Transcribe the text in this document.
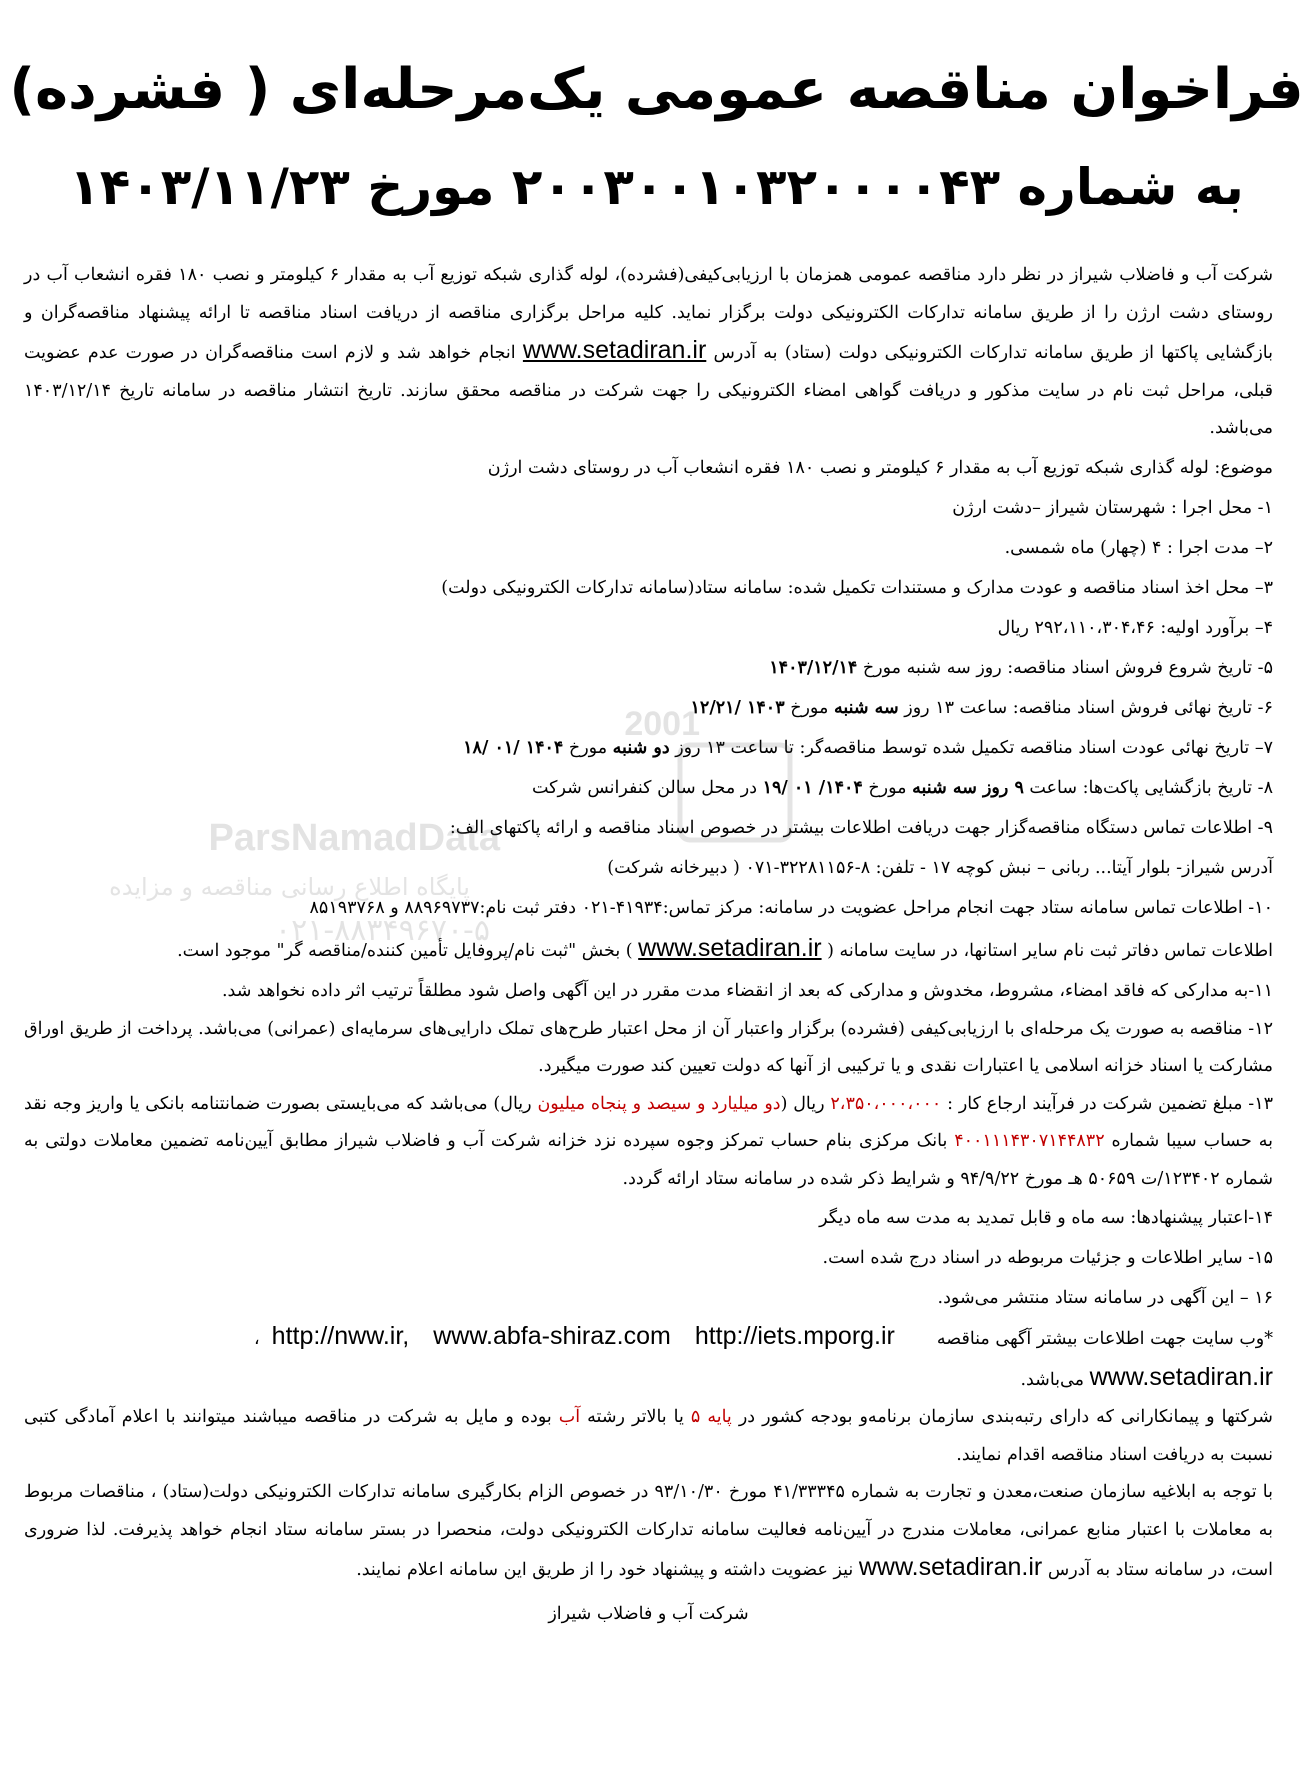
فراخوان مناقصه عمومی یک‌مرحله‌ای ( فشرده)
به شماره ۲۰۰۳۰۰۱۰۳۲۰۰۰۰۴۳ مورخ ۱۴۰۳/۱۱/۲۳

شرکت آب و فاضلاب شیراز در نظر دارد مناقصه عمومی همزمان با ارزیابی‌کیفی(فشرده)، لوله گذاری شبکه توزیع آب به مقدار ۶ کیلومتر و نصب ۱۸۰ فقره انشعاب آب در روستای دشت ارژن را از طریق سامانه تدارکات الکترونیکی دولت برگزار نماید. کلیه مراحل برگزاری مناقصه از دریافت اسناد مناقصه تا ارائه پیشنهاد مناقصه‌گران و بازگشایی پاکتها از طریق سامانه تدارکات الکترونیکی دولت (ستاد) به آدرس www.setadiran.ir انجام خواهد شد و لازم است مناقصه‌گران در صورت عدم عضویت قبلی، مراحل ثبت نام در سایت مذکور و دریافت گواهی امضاء الکترونیکی را جهت شرکت در مناقصه محقق سازند. تاریخ انتشار مناقصه در سامانه تاریخ ۱۴۰۳/۱۲/۱۴ می‌باشد.

موضوع: لوله گذاری شبکه توزیع آب به مقدار ۶ کیلومتر و نصب ۱۸۰ فقره انشعاب آب در روستای دشت ارژن

۱- محل اجرا : شهرستان شیراز –دشت ارژن

۲– مدت اجرا : ۴ (چهار) ماه شمسی.

۳– محل اخذ اسناد مناقصه و عودت مدارک و مستندات تکمیل شده: سامانه ستاد(سامانه تدارکات الکترونیکی دولت)

۴– برآورد اولیه: ۲۹۲،۱۱۰،۳۰۴،۴۶ ریال

۵- تاریخ شروع فروش اسناد مناقصه: روز سه شنبه مورخ ۱۴۰۳/۱۲/۱۴

۶- تاریخ نهائی فروش اسناد مناقصه: ساعت ۱۳ روز سه شنبه مورخ ۱۴۰۳ /۱۲/۲۱

۷– تاریخ نهائی عودت اسناد مناقصه تکمیل شده توسط مناقصه‌گر: تا ساعت ۱۳ روز دو شنبه مورخ ۱۴۰۴ /۰۱ /۱۸

۸- تاریخ بازگشایی پاکت‌ها: ساعت ۹ روز سه شنبه مورخ ۱۴۰۴/ ۰۱ /۱۹ در محل سالن کنفرانس شرکت

۹- اطلاعات تماس دستگاه مناقصه‌گزار جهت دریافت اطلاعات بیشتر در خصوص اسناد مناقصه و ارائه پاکتهای الف:

آدرس شیراز- بلوار آیتا... ربانی – نبش کوچه ۱۷ - تلفن: ۸-۳۲۲۸۱۱۵۶-۰۷۱ ( دبیرخانه شرکت)

۱۰- اطلاعات تماس سامانه ستاد جهت انجام مراحل عضویت در سامانه: مرکز تماس:۴۱۹۳۴-۰۲۱ دفتر ثبت نام:۸۸۹۶۹۷۳۷ و ۸۵۱۹۳۷۶۸

اطلاعات تماس دفاتر ثبت نام سایر استانها، در سایت سامانه ( www.setadiran.ir ) بخش "ثبت نام/پروفایل تأمین کننده/مناقصه گر" موجود است.

۱۱-به مدارکی که فاقد امضاء، مشروط، مخدوش و مدارکی که بعد از انقضاء مدت مقرر در این آگهی واصل شود مطلقاً ترتیب اثر داده نخواهد شد.

۱۲- مناقصه به صورت یک مرحله‌ای با ارزیابی‌کیفی (فشرده) برگزار واعتبار آن از محل اعتبار طرح‌های تملک دارایی‌های سرمایه‌ای (عمرانی) می‌باشد. پرداخت از طریق اوراق مشارکت یا اسناد خزانه اسلامی یا اعتبارات نقدی و یا ترکیبی از آنها که دولت تعیین کند صورت میگیرد.

۱۳- مبلغ تضمین شرکت در فرآیند ارجاع کار : ۲،۳۵۰،۰۰۰،۰۰۰ ریال (دو میلیارد و سیصد و پنجاه میلیون ریال) می‌باشد که می‌بایستی بصورت ضمانتنامه بانکی یا واریز وجه نقد به حساب سیبا شماره ۴۰۰۱۱۱۴۳۰۷۱۴۴۸۳۲ بانک مرکزی بنام حساب تمرکز وجوه سپرده نزد خزانه شرکت آب و فاضلاب شیراز مطابق آیین‌نامه تضمین معاملات دولتی به شماره ۱۲۳۴۰۲/ت ۵۰۶۵۹ هـ مورخ ۹۴/۹/۲۲ و شرایط ذکر شده در سامانه ستاد ارائه گردد.

۱۴-اعتبار پیشنهادها: سه ماه و قابل تمدید به مدت سه ماه دیگر

۱۵- سایر اطلاعات و جزئیات مربوطه در اسناد درج شده است.

۱۶ – این آگهی در سامانه ستاد منتشر می‌شود.

*وب سایت جهت اطلاعات بیشتر آگهی مناقصهhttp://nww.ir, www.abfa-shiraz.com http://iets.mporg.ir،
www.setadiran.ir می‌باشد.

شرکتها و پیمانکارانی که دارای رتبه‌بندی سازمان برنامه‌و بودجه کشور در پایه ۵ یا بالاتر رشته آب بوده و مایل به شرکت در مناقصه میباشند میتوانند با اعلام آمادگی کتبی نسبت به دریافت اسناد مناقصه اقدام نمایند.

با توجه به ابلاغیه سازمان صنعت،معدن و تجارت به شماره ۴۱/۳۳۳۴۵ مورخ ۹۳/۱۰/۳۰ در خصوص الزام بکارگیری سامانه تدارکات الکترونیکی دولت(ستاد) ، مناقصات مربوط به معاملات با اعتبار منابع عمرانی، معاملات مندرج در آیین‌نامه فعالیت سامانه تدارکات الکترونیکی دولت، منحصرا در بستر سامانه ستاد انجام خواهد پذیرفت. لذا ضروری است، در سامانه ستاد به آدرس www.setadiran.ir نیز عضویت داشته و پیشنهاد خود را از طریق این سامانه اعلام نمایند.

شرکت آب و فاضلاب شیراز

2001
ParsNamadData
پایگاه اطلاع رسانی مناقصه و مزایده
۰۲۱-۸۸۳۴۹۶۷۰-۵
